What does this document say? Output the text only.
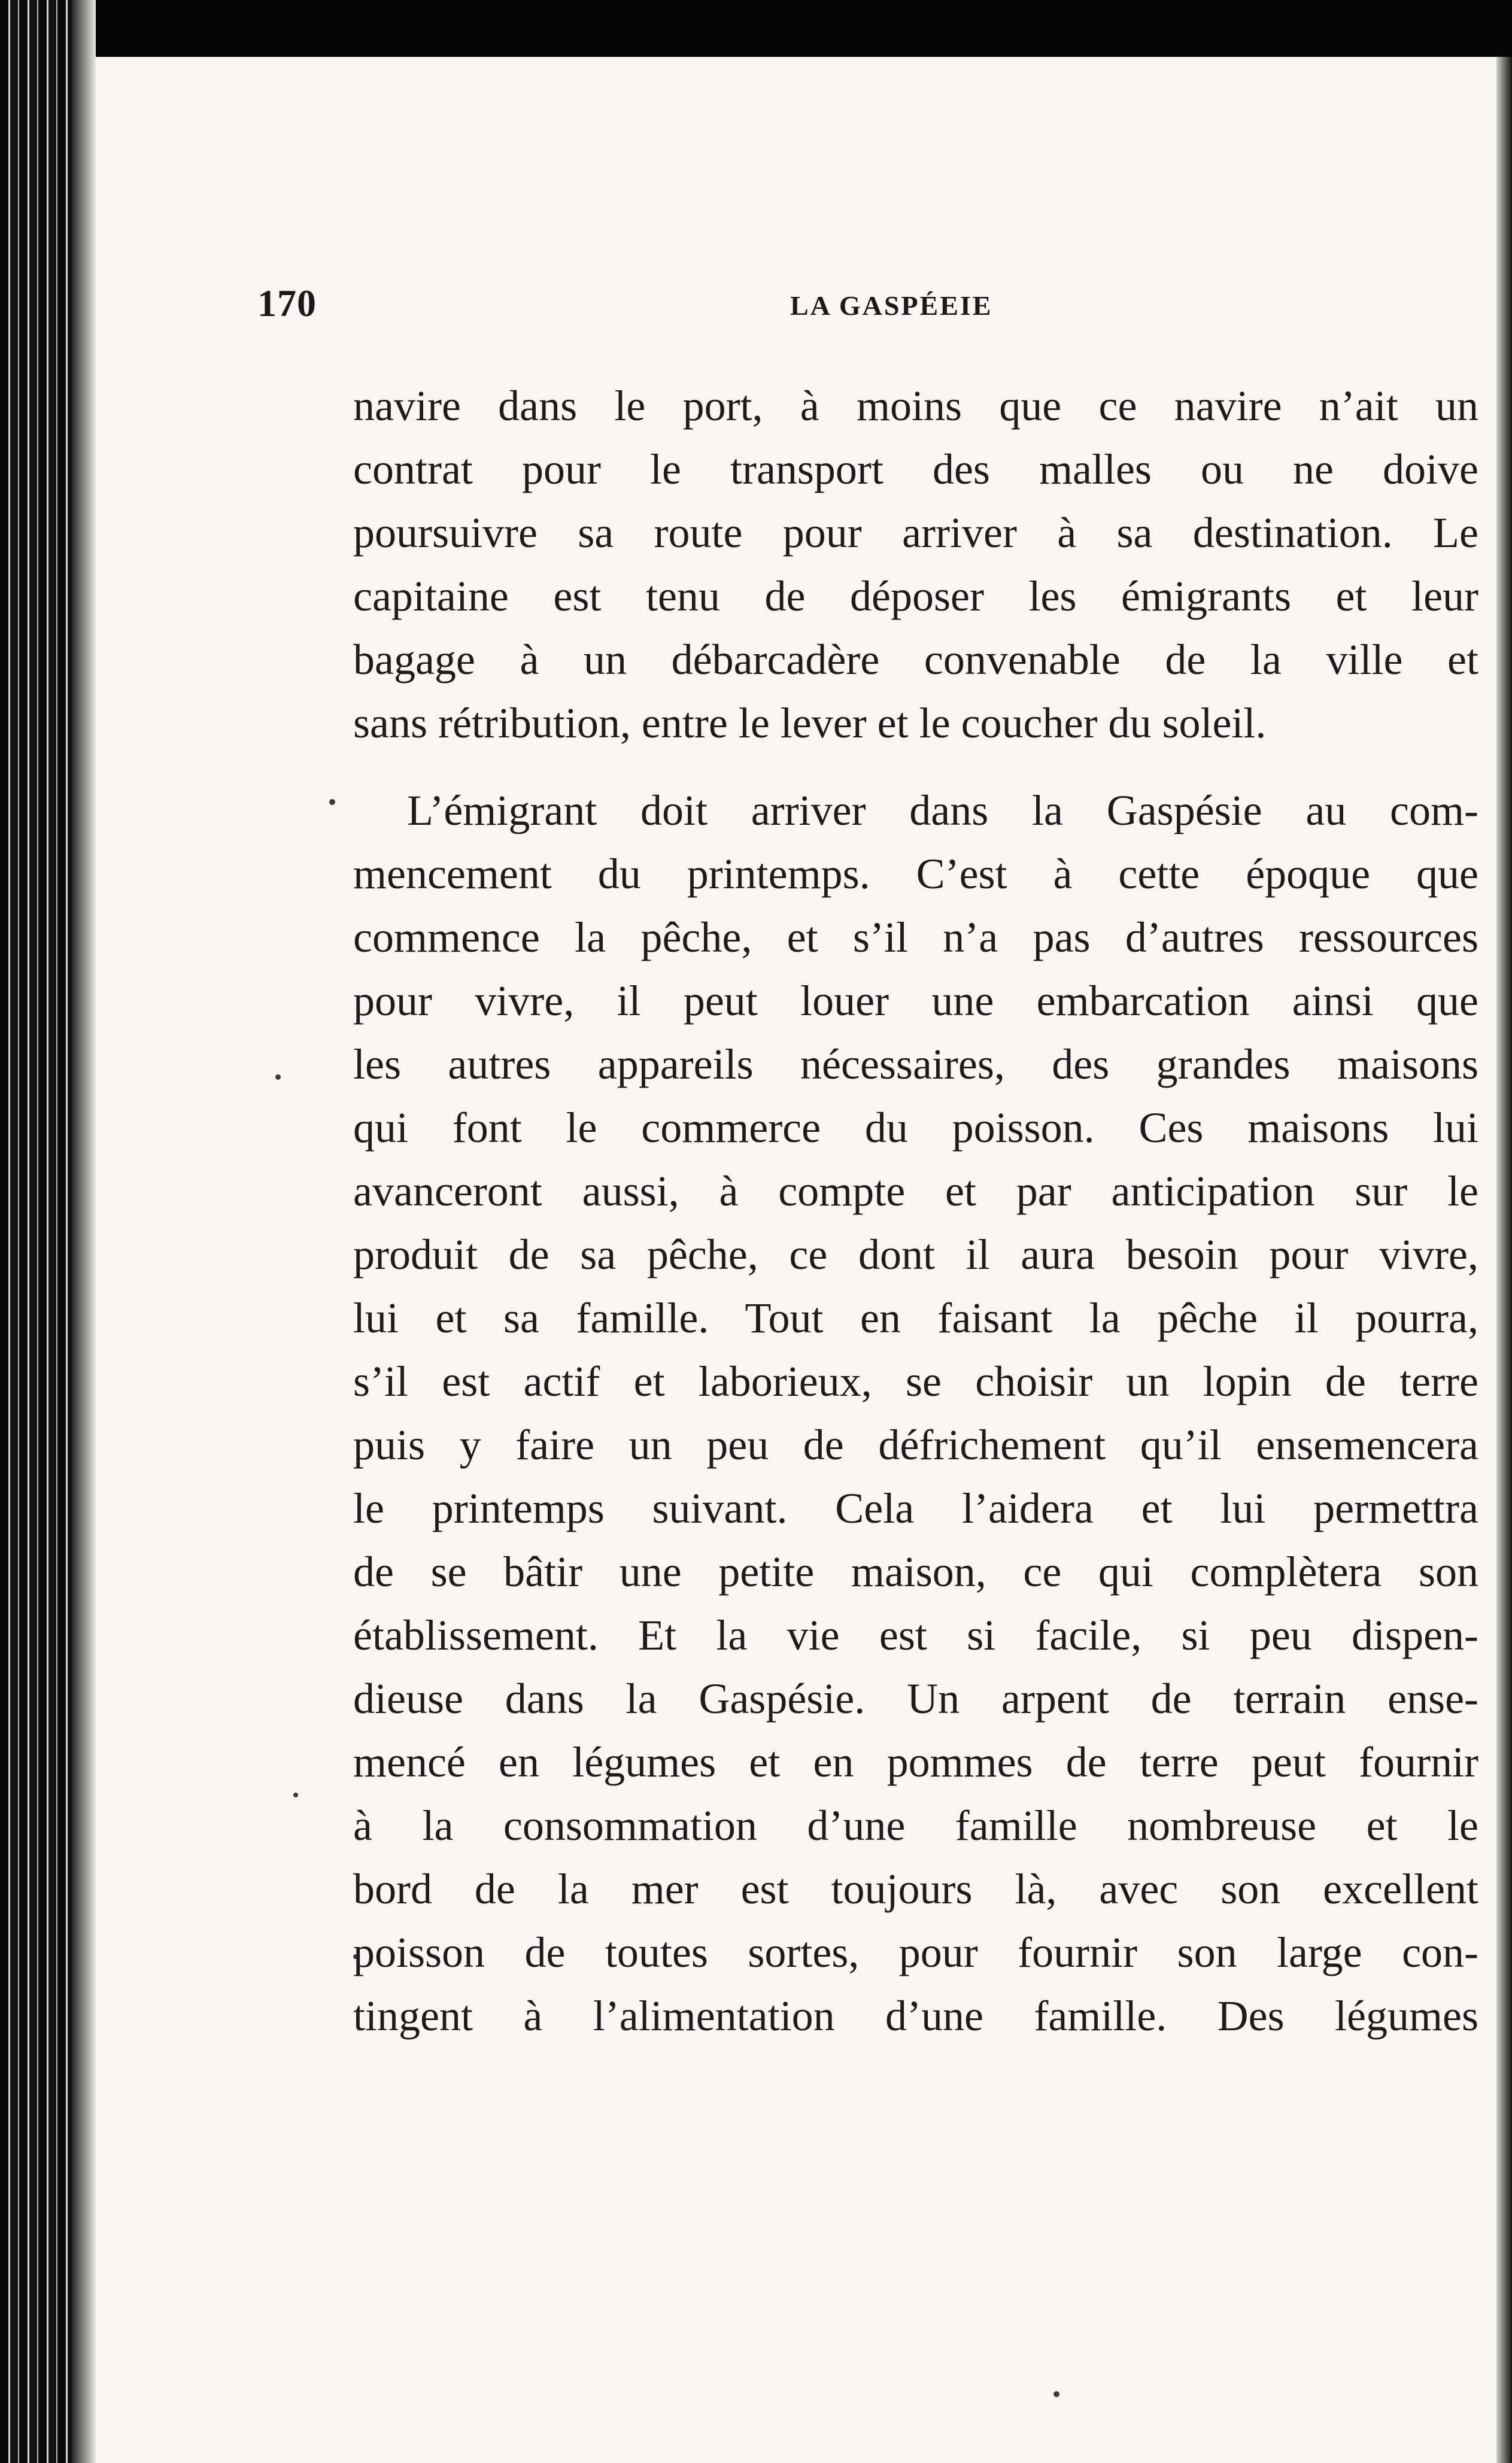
170	LA GASPÉEIE
navire dans le port, à moins que ce navire n’ait un
contrat pour le transport des malles ou ne doive
poursuivre sa route pour arriver à sa destination. Le
capitaine est tenu de déposer les émigrants et leur
bagage à un débarcadère convenable de la ville et
sans rétribution, entre le lever et le coucher du soleil.
L’émigrant doit arriver dans la Gaspésie au com-
mencement du printemps. C’est à cette époque que
commence la pêche, et s’il n’a pas d’autres ressources
pour vivre, il peut louer une embarcation ainsi que
les autres appareils nécessaires, des grandes maisons
qui font le commerce du poisson. Ces maisons lui
avanceront aussi, à compte et par anticipation sur le
produit de sa pêche, ce dont il aura besoin pour vivre,
lui et sa famille. Tout en faisant la pêche il pourra,
s’il est actif et laborieux, se choisir un lopin de terre
puis y faire un peu de défrichement qu’il ensemencera
le printemps suivant. Cela l’aidera et lui permettra
de se bâtir une petite maison, ce qui complètera son
établissement. Et la vie est si facile, si peu dispen-
dieuse dans la Gaspésie. Un arpent de terrain ense-
mencé en légumes et en pommes de terre peut fournir
à la consommation d’une famille nombreuse et le
bord de la mer est toujours là, avec son excellent
poisson de toutes sortes, pour fournir son large con-
tingent à l’alimentation d’une famille. Des légumes
